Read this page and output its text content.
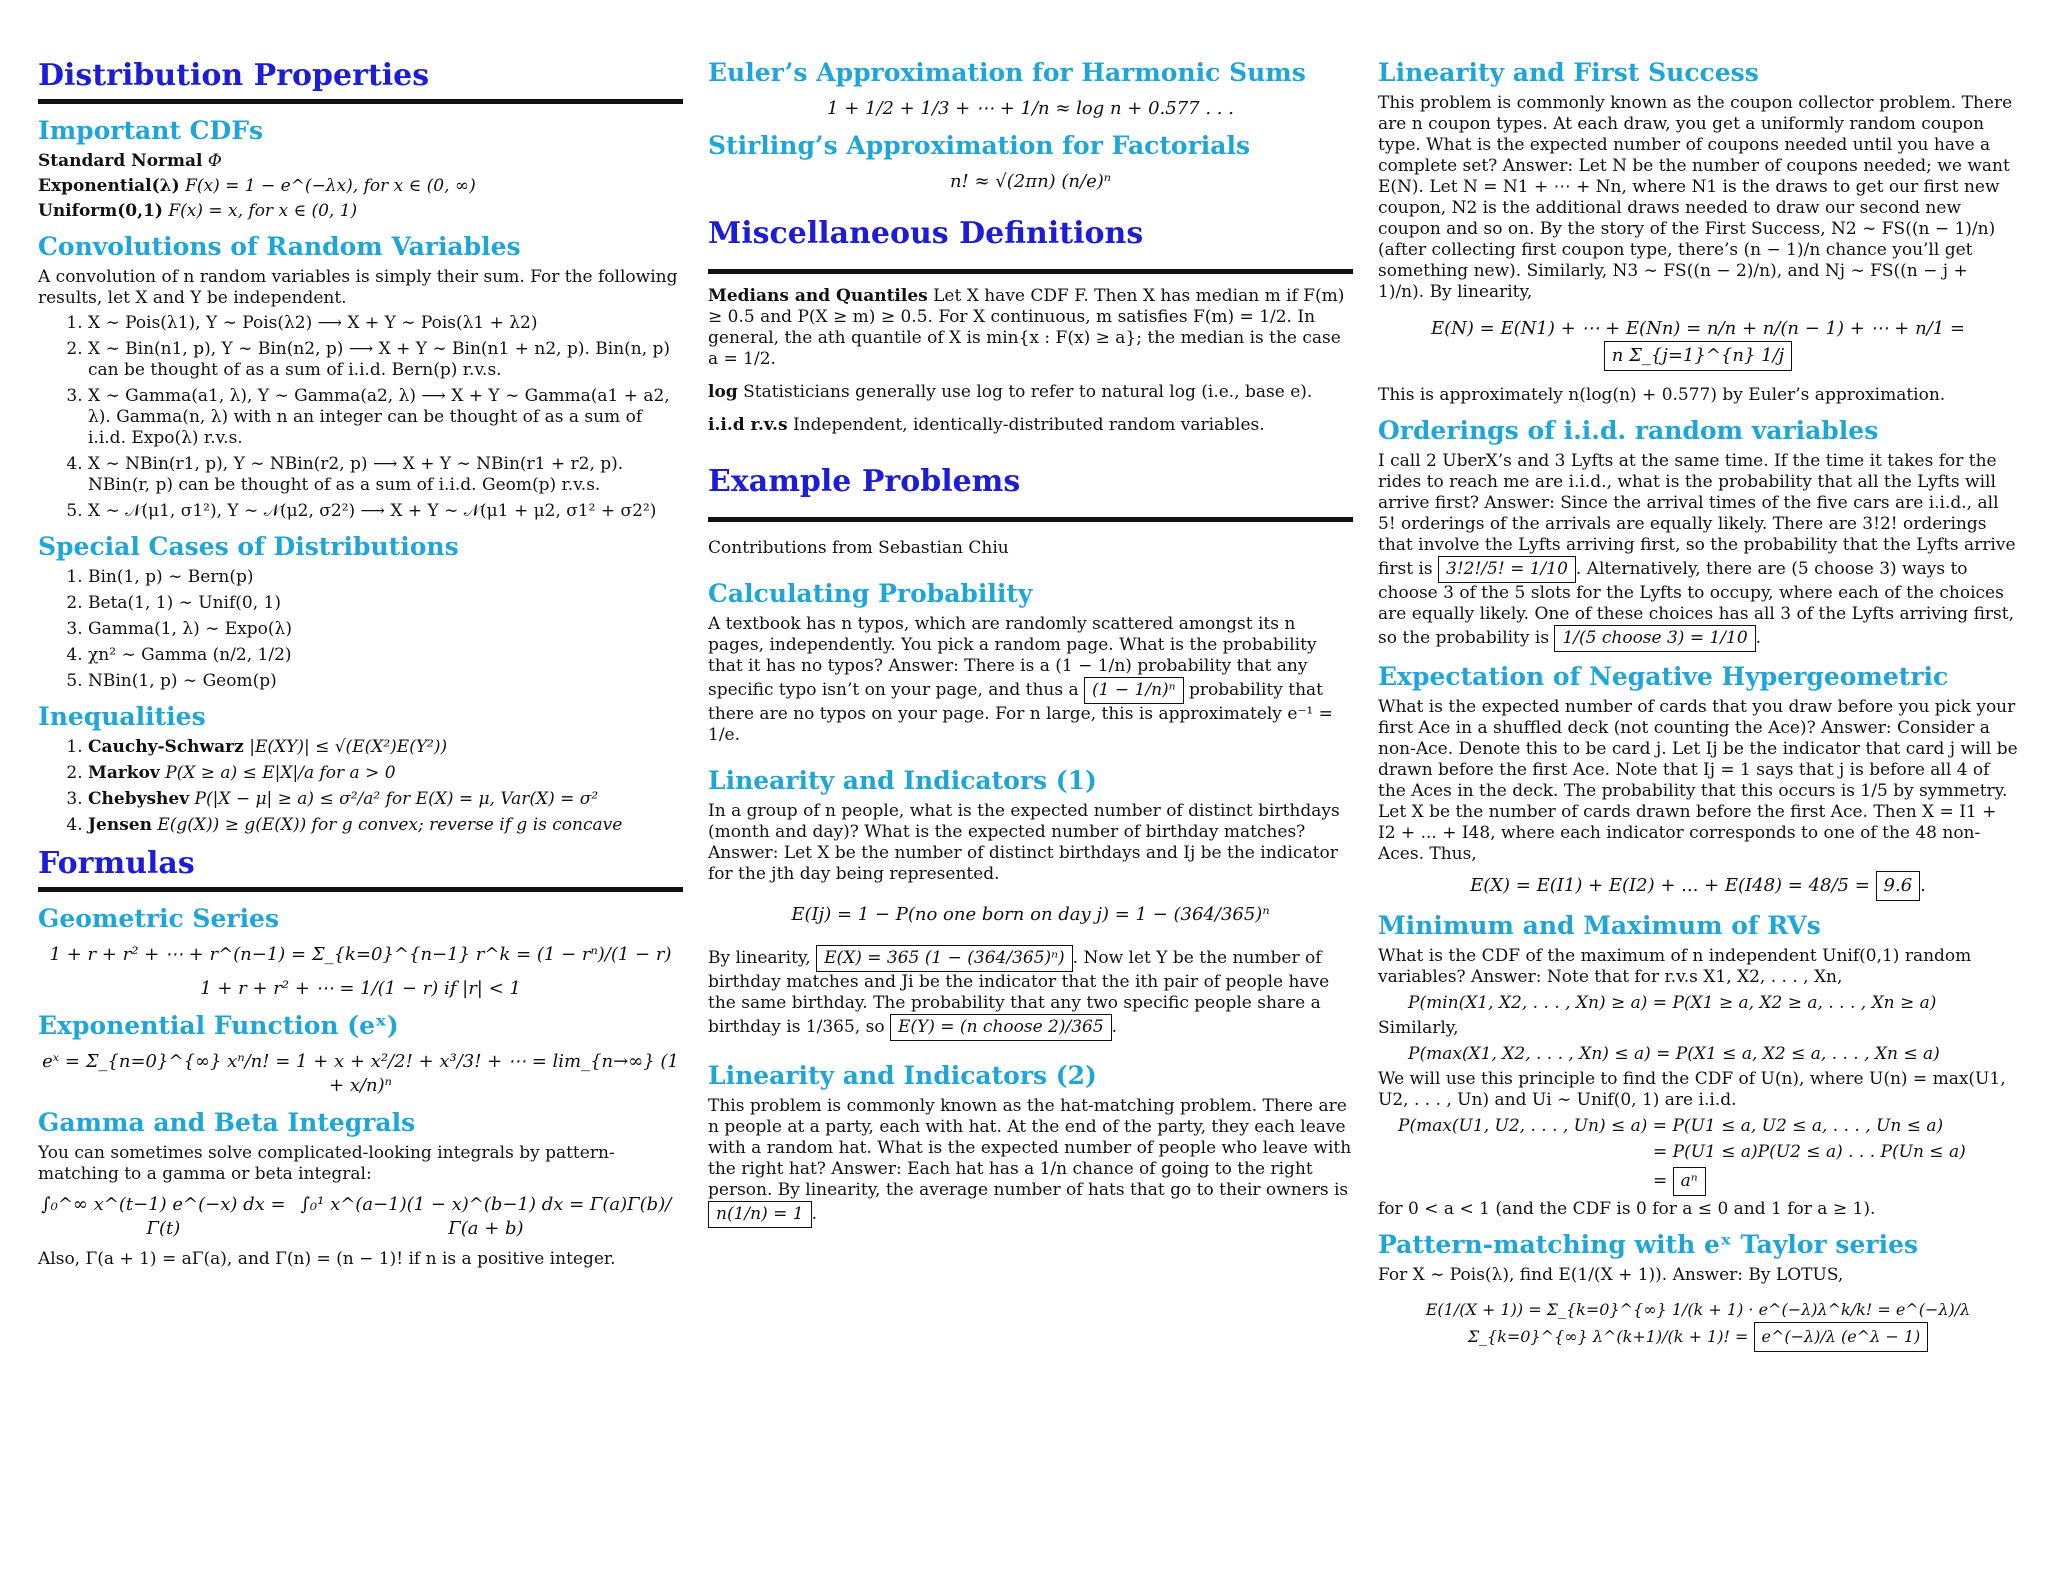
Distribution Properties
Important CDFs
Standard Normal Φ
Exponential(λ) F(x) = 1 − e^(−λx), for x ∈ (0, ∞)
Uniform(0,1) F(x) = x, for x ∈ (0, 1)
Convolutions of Random Variables

A convolution of n random variables is simply their sum. For the following results, let X and Y be independent.

1. X ∼ Pois(λ1), Y ∼ Pois(λ2) ⟶ X + Y ∼ Pois(λ1 + λ2)
2. X ∼ Bin(n1, p), Y ∼ Bin(n2, p) ⟶ X + Y ∼ Bin(n1 + n2, p). Bin(n, p) can be thought of as a sum of i.i.d. Bern(p) r.v.s.
3. X ∼ Gamma(a1, λ), Y ∼ Gamma(a2, λ) ⟶ X + Y ∼ Gamma(a1 + a2, λ). Gamma(n, λ) with n an integer can be thought of as a sum of i.i.d. Expo(λ) r.v.s.
4. X ∼ NBin(r1, p), Y ∼ NBin(r2, p) ⟶ X + Y ∼ NBin(r1 + r2, p). NBin(r, p) can be thought of as a sum of i.i.d. Geom(p) r.v.s.
5. X ∼ 𝒩(μ1, σ1²), Y ∼ 𝒩(μ2, σ2²) ⟶ X + Y ∼ 𝒩(μ1 + μ2, σ1² + σ2²)
Special Cases of Distributions
1. Bin(1, p) ∼ Bern(p)
2. Beta(1, 1) ∼ Unif(0, 1)
3. Gamma(1, λ) ∼ Expo(λ)
4. χn² ∼ Gamma (n/2, 1/2)
5. NBin(1, p) ∼ Geom(p)
Inequalities
1. Cauchy-Schwarz |E(XY)| ≤ √(E(X²)E(Y²))
2. Markov P(X ≥ a) ≤ E|X|/a for a > 0
3. Chebyshev P(|X − μ| ≥ a) ≤ σ²/a² for E(X) = μ, Var(X) = σ²
4. Jensen E(g(X)) ≥ g(E(X)) for g convex; reverse if g is concave
Formulas
Geometric Series
1 + r + r² + ⋯ + r^(n−1) = Σ_{k=0}^{n−1} r^k = (1 − rⁿ)/(1 − r)
1 + r + r² + ⋯ = 1/(1 − r) if |r| < 1
Exponential Function (eˣ)
eˣ = Σ_{n=0}^{∞} xⁿ/n! = 1 + x + x²/2! + x³/3! + ⋯ = lim_{n→∞} (1 + x/n)ⁿ
Gamma and Beta Integrals

You can sometimes solve complicated-looking integrals by pattern-matching to a gamma or beta integral:

∫₀^∞ x^(t−1) e^(−x) dx = Γ(t)
∫₀¹ x^(a−1)(1 − x)^(b−1) dx = Γ(a)Γ(b)/Γ(a + b)

Also, Γ(a + 1) = aΓ(a), and Γ(n) = (n − 1)! if n is a positive integer.

Euler’s Approximation for Harmonic Sums
1 + 1/2 + 1/3 + ⋯ + 1/n ≈ log n + 0.577 . . .
Stirling’s Approximation for Factorials
n! ≈ √(2πn) (n/e)ⁿ
Miscellaneous Definitions

Medians and Quantiles Let X have CDF F. Then X has median m if F(m) ≥ 0.5 and P(X ≥ m) ≥ 0.5. For X continuous, m satisfies F(m) = 1/2. In general, the ath quantile of X is min{x : F(x) ≥ a}; the median is the case a = 1/2.

log Statisticians generally use log to refer to natural log (i.e., base e).

i.i.d r.v.s Independent, identically-distributed random variables.

Example Problems

Contributions from Sebastian Chiu

Calculating Probability

A textbook has n typos, which are randomly scattered amongst its n pages, independently. You pick a random page. What is the probability that it has no typos? Answer: There is a (1 − 1/n) probability that any specific typo isn’t on your page, and thus a (1 − 1/n)ⁿ probability that there are no typos on your page. For n large, this is approximately e⁻¹ = 1/e.

Linearity and Indicators (1)

In a group of n people, what is the expected number of distinct birthdays (month and day)? What is the expected number of birthday matches? Answer: Let X be the number of distinct birthdays and Ij be the indicator for the jth day being represented.

E(Ij) = 1 − P(no one born on day j) = 1 − (364/365)ⁿ

By linearity, E(X) = 365 (1 − (364/365)ⁿ) . Now let Y be the number of birthday matches and Ji be the indicator that the ith pair of people have the same birthday. The probability that any two specific people share a birthday is 1/365, so E(Y) = (n choose 2)/365 .

Linearity and Indicators (2)

This problem is commonly known as the hat-matching problem. There are n people at a party, each with hat. At the end of the party, they each leave with a random hat. What is the expected number of people who leave with the right hat? Answer: Each hat has a 1/n chance of going to the right person. By linearity, the average number of hats that go to their owners is n(1/n) = 1 .

Linearity and First Success

This problem is commonly known as the coupon collector problem. There are n coupon types. At each draw, you get a uniformly random coupon type. What is the expected number of coupons needed until you have a complete set? Answer: Let N be the number of coupons needed; we want E(N). Let N = N1 + ⋯ + Nn, where N1 is the draws to get our first new coupon, N2 is the additional draws needed to draw our second new coupon and so on. By the story of the First Success, N2 ∼ FS((n − 1)/n) (after collecting first coupon type, there’s (n − 1)/n chance you’ll get something new). Similarly, N3 ∼ FS((n − 2)/n), and Nj ∼ FS((n − j + 1)/n). By linearity,

E(N) = E(N1) + ⋯ + E(Nn) = n/n + n/(n − 1) + ⋯ + n/1 = n Σ_{j=1}^{n} 1/j

This is approximately n(log(n) + 0.577) by Euler’s approximation.

Orderings of i.i.d. random variables

I call 2 UberX’s and 3 Lyfts at the same time. If the time it takes for the rides to reach me are i.i.d., what is the probability that all the Lyfts will arrive first? Answer: Since the arrival times of the five cars are i.i.d., all 5! orderings of the arrivals are equally likely. There are 3!2! orderings that involve the Lyfts arriving first, so the probability that the Lyfts arrive first is 3!2!/5! = 1/10 . Alternatively, there are (5 choose 3) ways to choose 3 of the 5 slots for the Lyfts to occupy, where each of the choices are equally likely. One of these choices has all 3 of the Lyfts arriving first, so the probability is 1/(5 choose 3) = 1/10 .

Expectation of Negative Hypergeometric

What is the expected number of cards that you draw before you pick your first Ace in a shuffled deck (not counting the Ace)? Answer: Consider a non-Ace. Denote this to be card j. Let Ij be the indicator that card j will be drawn before the first Ace. Note that Ij = 1 says that j is before all 4 of the Aces in the deck. The probability that this occurs is 1/5 by symmetry. Let X be the number of cards drawn before the first Ace. Then X = I1 + I2 + ... + I48, where each indicator corresponds to one of the 48 non-Aces. Thus,

E(X) = E(I1) + E(I2) + ... + E(I48) = 48/5 = 9.6 .
Minimum and Maximum of RVs

What is the CDF of the maximum of n independent Unif(0,1) random variables? Answer: Note that for r.v.s X1, X2, . . . , Xn,

P(min(X1, X2, . . . , Xn) ≥ a) = P(X1 ≥ a, X2 ≥ a, . . . , Xn ≥ a)

Similarly,

P(max(X1, X2, . . . , Xn) ≤ a) = P(X1 ≤ a, X2 ≤ a, . . . , Xn ≤ a)

We will use this principle to find the CDF of U(n), where U(n) = max(U1, U2, . . . , Un) and Ui ∼ Unif(0, 1) are i.i.d.

P(max(U1, U2, . . . , Un) ≤ a) = P(U1 ≤ a, U2 ≤ a, . . . , Un ≤ a)
= P(U1 ≤ a)P(U2 ≤ a) . . . P(Un ≤ a)
= aⁿ

for 0 < a < 1 (and the CDF is 0 for a ≤ 0 and 1 for a ≥ 1).

Pattern-matching with eˣ Taylor series

For X ∼ Pois(λ), find E(1/(X + 1)). Answer: By LOTUS,

E(1/(X + 1)) = Σ_{k=0}^{∞} 1/(k + 1) · e^(−λ)λ^k/k! = e^(−λ)/λ Σ_{k=0}^{∞} λ^(k+1)/(k + 1)! = e^(−λ)/λ (e^λ − 1)
